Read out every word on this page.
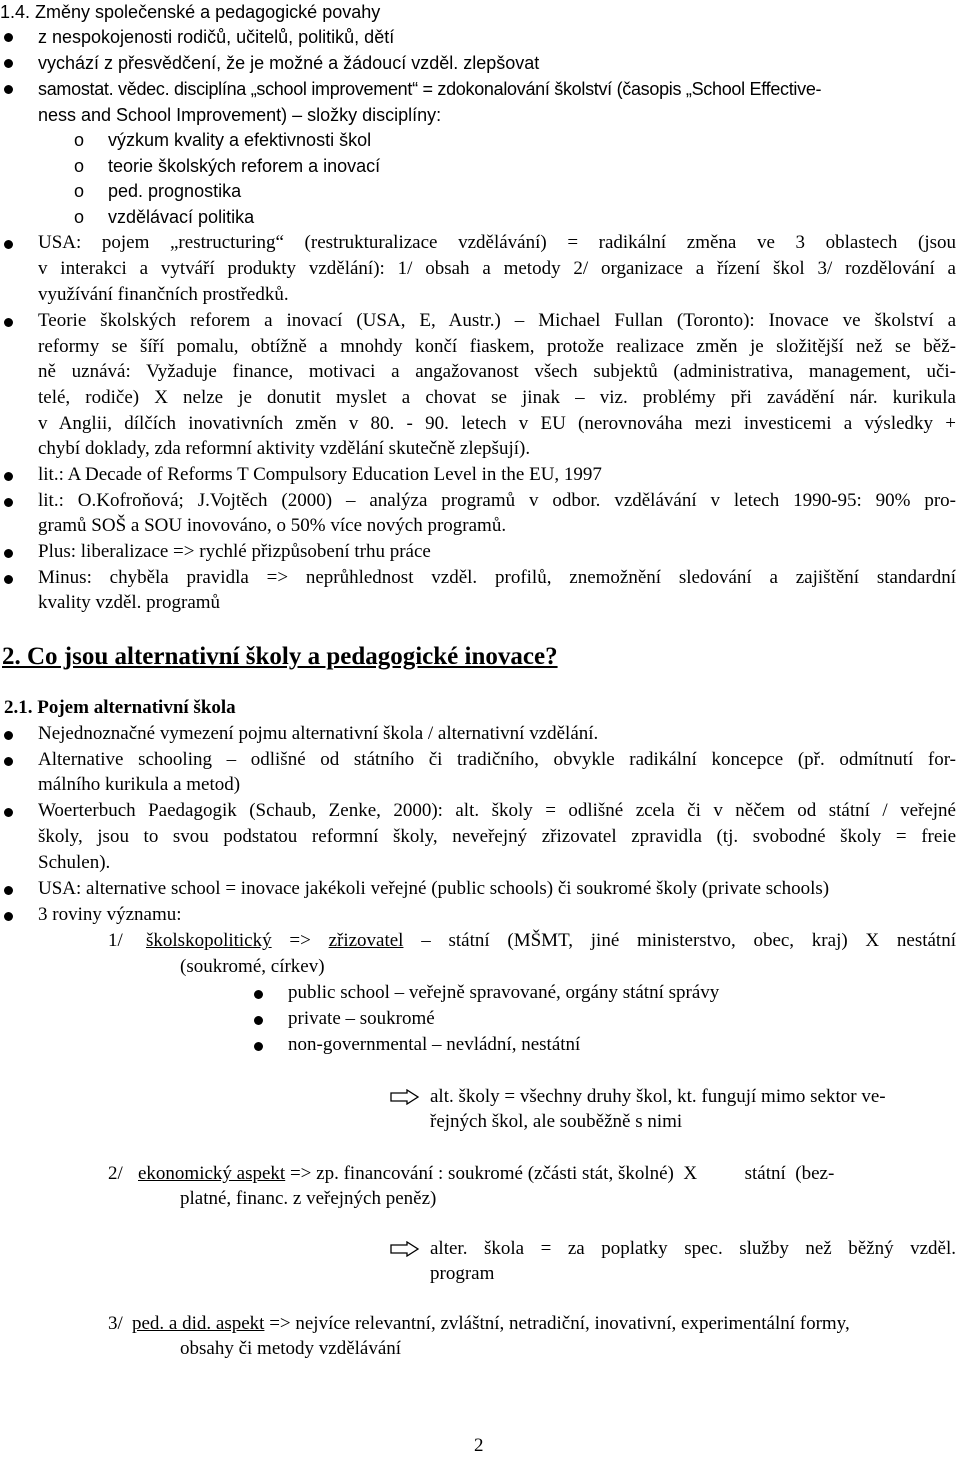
1.4. Změny společenské a pedagogické povahy
z nespokojenosti rodičů, učitelů, politiků, dětí
vychází z přesvědčení, že je možné a žádoucí vzděl. zlepšovat
samostat. vědec. disciplína „school improvement“ = zdokonalování školství (časopis „School Effective-
ness and School Improvement) – složky disciplíny:
o výzkum kvality a efektivnosti škol
o teorie školských reforem a inovací
o ped. prognostika
o vzdělávací politika
USA: pojem „restructuring“ (restrukturalizace vzdělávání) = radikální změna ve 3 oblastech (jsou
v interakci a vytváří produkty vzdělání): 1/ obsah a metody 2/ organizace a řízení škol 3/ rozdělování a
využívání finančních prostředků.
Teorie školských reforem a inovací (USA, E, Austr.) – Michael Fullan (Toronto): Inovace ve školství a
reformy se šíří pomalu, obtížně a mnohdy končí fiaskem, protože realizace změn je složitější než se běž-
ně uznává: Vyžaduje finance, motivaci a angažovanost všech subjektů (administrativa, management, uči-
telé, rodiče) X nelze je donutit myslet a chovat se jinak – viz. problémy při zavádění nár. kurikula
v Anglii, dílčích inovativních změn v 80. - 90. letech v EU (nerovnováha mezi investicemi a výsledky +
chybí doklady, zda reformní aktivity vzdělání skutečně zlepšují).
lit.: A Decade of Reforms T Compulsory Education Level in the EU, 1997
lit.: O.Kofroňová; J.Vojtěch (2000) – analýza programů v odbor. vzdělávání v letech 1990-95: 90% pro-
gramů SOŠ a SOU inovováno, o 50% více nových programů.
Plus: liberalizace => rychlé přizpůsobení trhu práce
Minus: chyběla pravidla => neprůhlednost vzděl. profilů, znemožnění sledování a zajištění standardní
kvality vzděl. programů
2. Co jsou alternativní školy a pedagogické inovace?
2.1. Pojem alternativní škola
Nejednoznačné vymezení pojmu alternativní škola / alternativní vzdělání.
Alternative schooling – odlišné od státního či tradičního, obvykle radikální koncepce (př. odmítnutí for-
málního kurikula a metod)
Woerterbuch Paedagogik (Schaub, Zenke, 2000): alt. školy = odlišné zcela či v něčem od státní / veřejné
školy, jsou to svou podstatou reformní školy, neveřejný zřizovatel zpravidla (tj. svobodné školy = freie
Schulen).
USA: alternative school = inovace jakékoli veřejné (public schools) či soukromé školy (private schools)
3 roviny významu:
1/ školskopolitický => zřizovatel – státní (MŠMT, jiné ministerstvo, obec, kraj) X nestátní
(soukromé, církev)
public school – veřejně spravované, orgány státní správy
private – soukromé
non-governmental – nevládní, nestátní
alt. školy = všechny druhy škol, kt. fungují mimo sektor ve-
řejných škol, ale souběžně s nimi
2/ ekonomický aspekt => zp. financování : soukromé (zčásti stát, školné)  X          státní  (bez-
platné, financ. z veřejných peněz)
alter. škola = za poplatky spec. služby než běžný vzděl.
program
3/ ped. a did. aspekt => nejvíce relevantní, zvláštní, netradiční, inovativní, experimentální formy,
obsahy či metody vzdělávání
2
